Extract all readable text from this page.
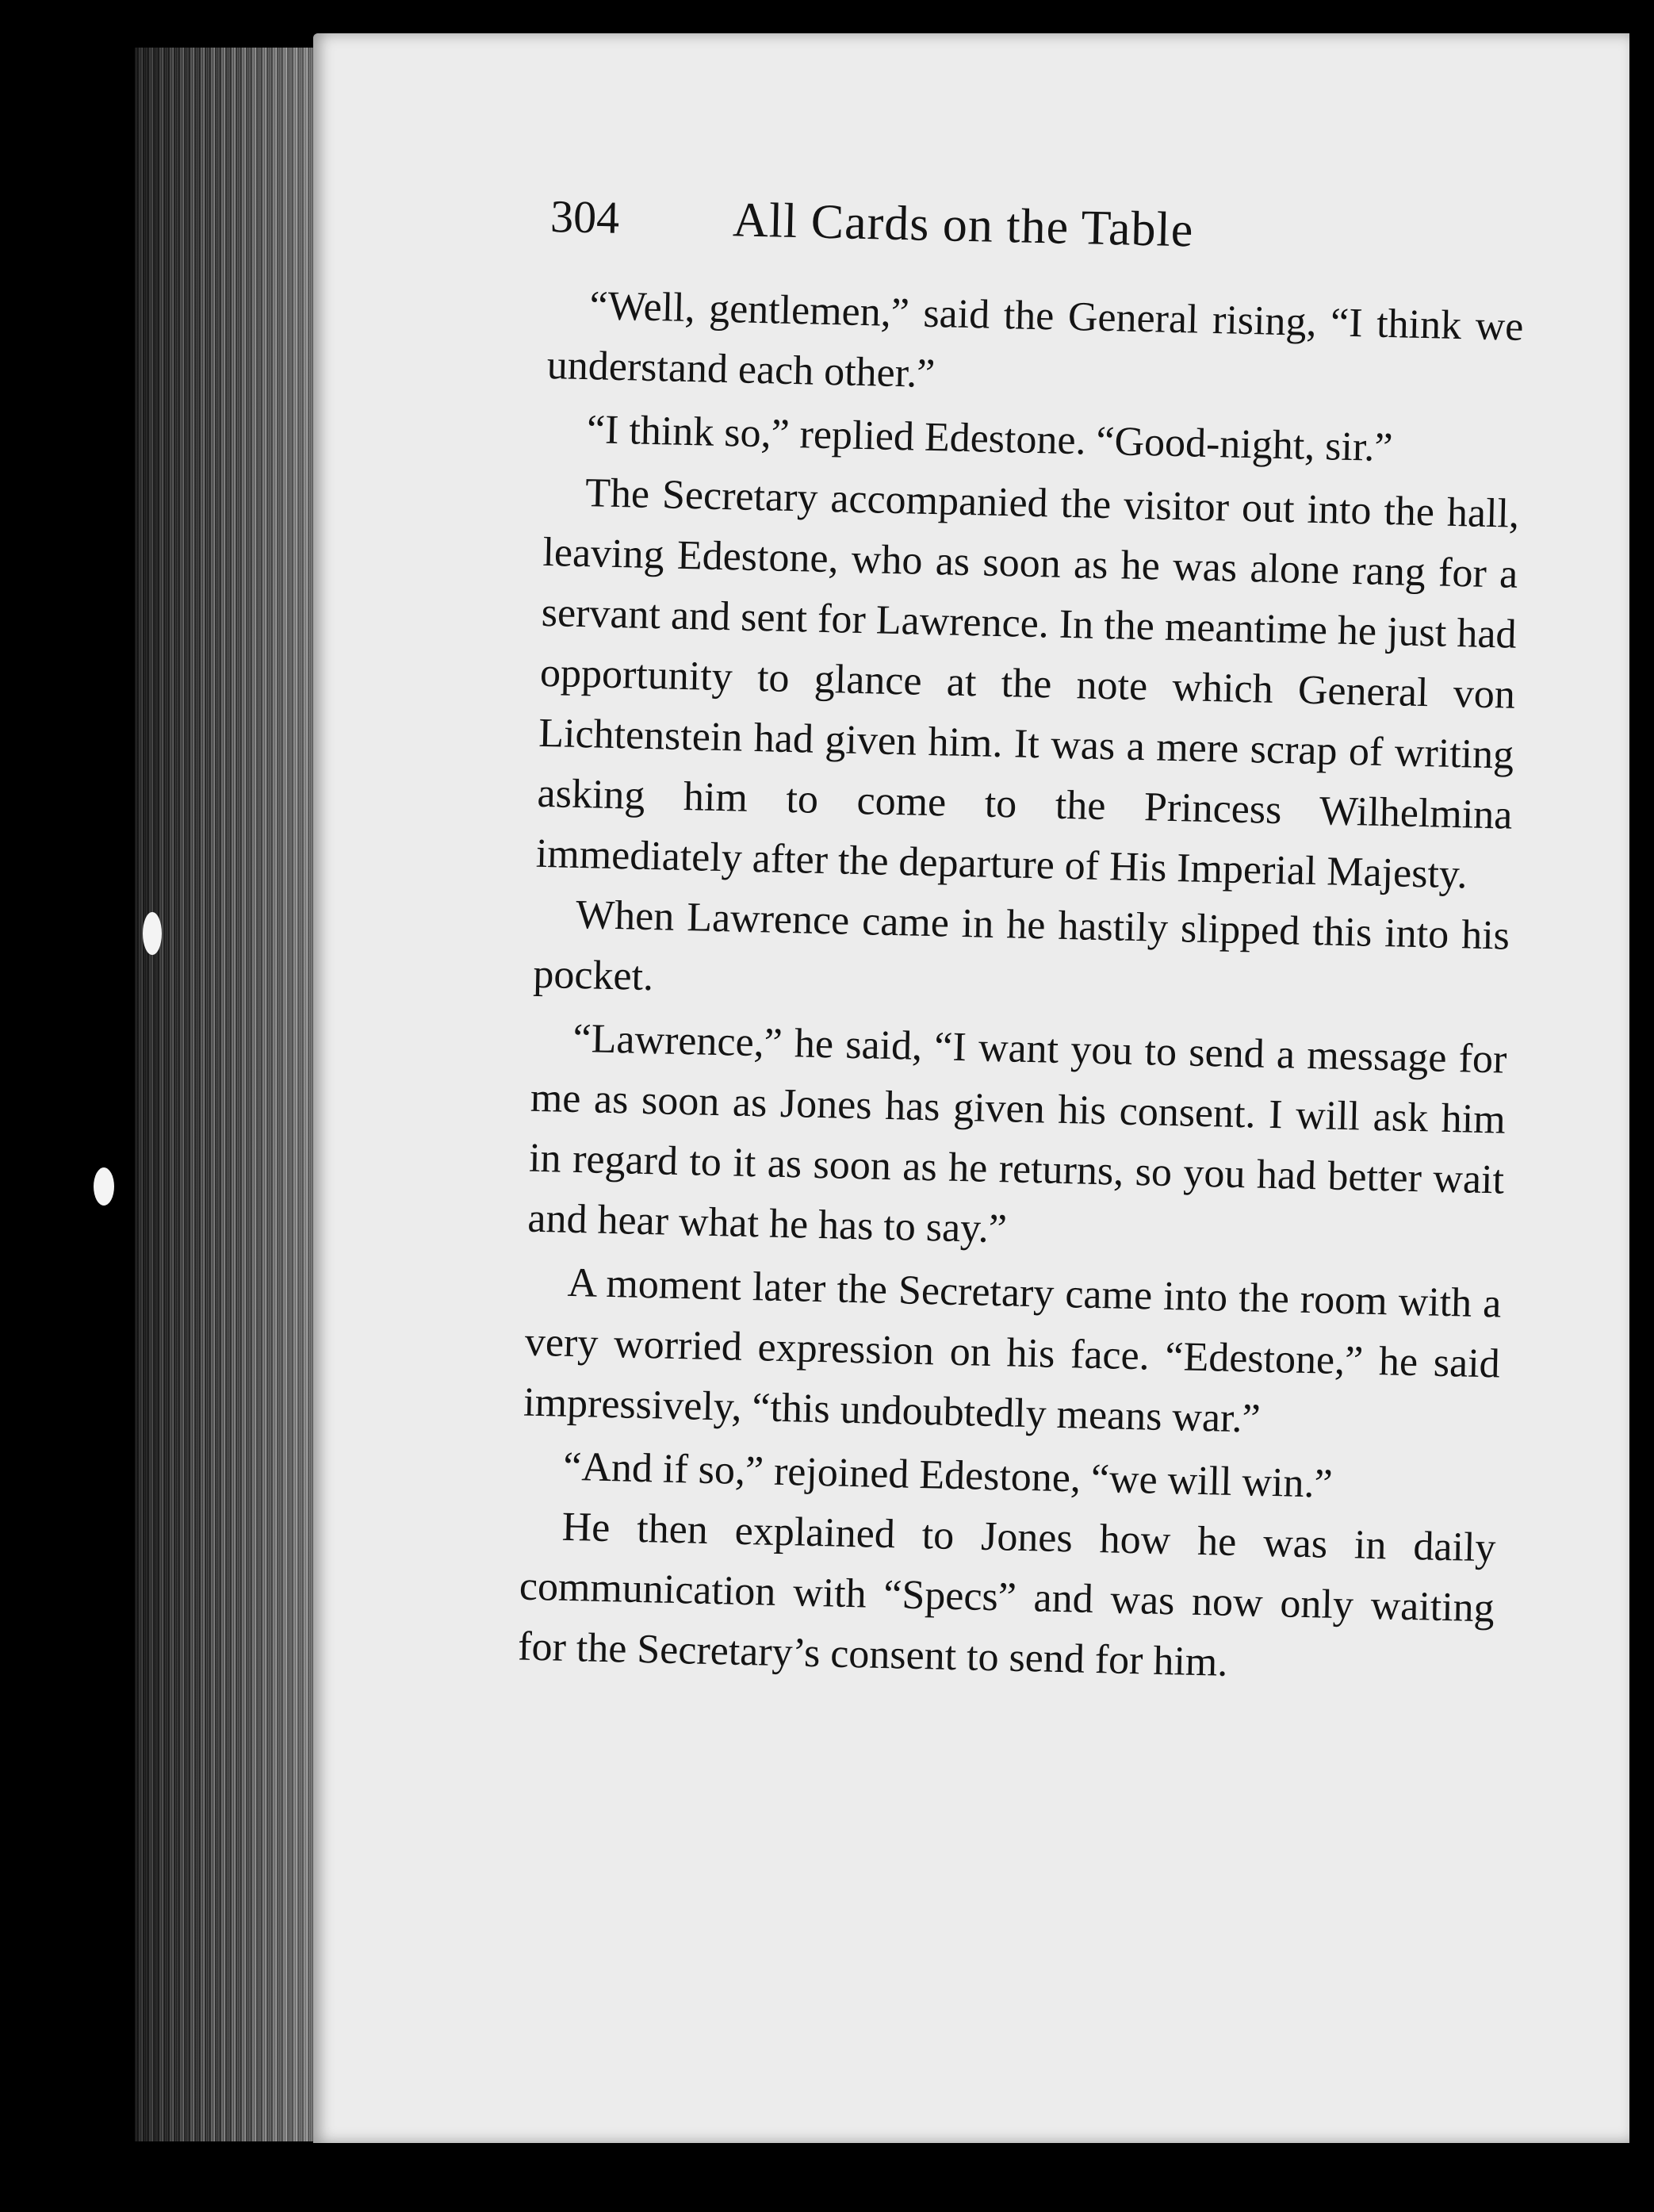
304	All Cards on the Table

“Well, gentlemen,” said the General rising, “I think we understand each other.”

“I think so,” replied Edestone. “Good-night, sir.”

The Secretary accompanied the visitor out into the hall, leaving Edestone, who as soon as he was alone rang for a servant and sent for Lawrence. In the meantime he just had opportunity to glance at the note which General von Lichtenstein had given him. It was a mere scrap of writing asking him to come to the Princess Wilhelmina immediately after the departure of His Imperial Majesty.

When Lawrence came in he hastily slipped this into his pocket.

“Lawrence,” he said, “I want you to send a message for me as soon as Jones has given his consent. I will ask him in regard to it as soon as he returns, so you had better wait and hear what he has to say.”

A moment later the Secretary came into the room with a very worried expression on his face. “Edestone,” he said impressively, “this undoubtedly means war.”

“And if so,” rejoined Edestone, “we will win.”

He then explained to Jones how he was in daily communication with “Specs” and was now only waiting for the Secretary’s consent to send for him.
